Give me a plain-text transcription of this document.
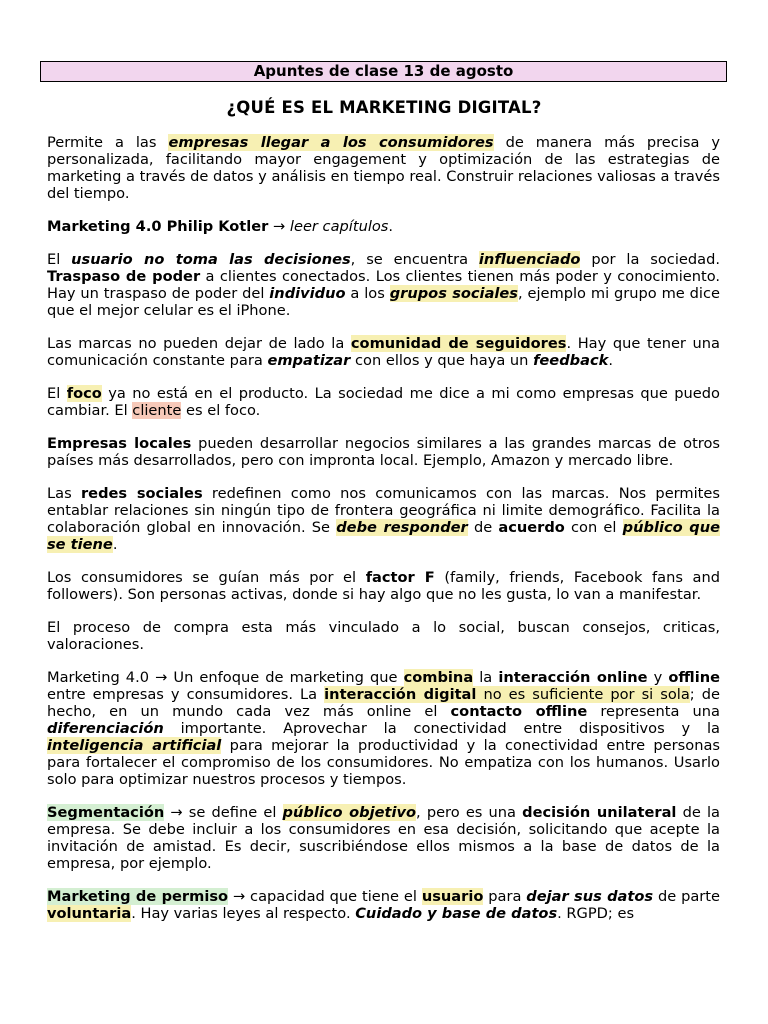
Apuntes de clase 13 de agosto
¿QUÉ ES EL MARKETING DIGITAL?

Permite a las empresas llegar a los consumidores de manera más precisa y personalizada, facilitando mayor engagement y optimización de las estrategias de marketing a través de datos y análisis en tiempo real. Construir relaciones valiosas a través del tiempo.

Marketing 4.0 Philip Kotler → leer capítulos.

El usuario no toma las decisiones, se encuentra influenciado por la sociedad. Traspaso de poder a clientes conectados. Los clientes tienen más poder y conocimiento. Hay un traspaso de poder del individuo a los grupos sociales, ejemplo mi grupo me dice que el mejor celular es el iPhone.

Las marcas no pueden dejar de lado la comunidad de seguidores. Hay que tener una comunicación constante para empatizar con ellos y que haya un feedback.

El foco ya no está en el producto. La sociedad me dice a mi como empresas que puedo cambiar. El cliente es el foco.

Empresas locales pueden desarrollar negocios similares a las grandes marcas de otros países más desarrollados, pero con impronta local. Ejemplo, Amazon y mercado libre.

Las redes sociales redefinen como nos comunicamos con las marcas. Nos permites entablar relaciones sin ningún tipo de frontera geográfica ni limite demográfico. Facilita la colaboración global en innovación. Se debe responder de acuerdo con el público que se tiene.

Los consumidores se guían más por el factor F (family, friends, Facebook fans and followers). Son personas activas, donde si hay algo que no les gusta, lo van a manifestar.

El proceso de compra esta más vinculado a lo social, buscan consejos, criticas, valoraciones.

Marketing 4.0 → Un enfoque de marketing que combina la interacción online y offline entre empresas y consumidores. La interacción digital no es suficiente por si sola; de hecho, en un mundo cada vez más online el contacto offline representa una diferenciación importante. Aprovechar la conectividad entre dispositivos y la inteligencia artificial para mejorar la productividad y la conectividad entre personas para fortalecer el compromiso de los consumidores. No empatiza con los humanos. Usarlo solo para optimizar nuestros procesos y tiempos.

Segmentación → se define el público objetivo, pero es una decisión unilateral de la empresa. Se debe incluir a los consumidores en esa decisión, solicitando que acepte la invitación de amistad. Es decir, suscribiéndose ellos mismos a la base de datos de la empresa, por ejemplo.

Marketing de permiso → capacidad que tiene el usuario para dejar sus datos de parte voluntaria. Hay varias leyes al respecto. Cuidado y base de datos. RGPD; es
